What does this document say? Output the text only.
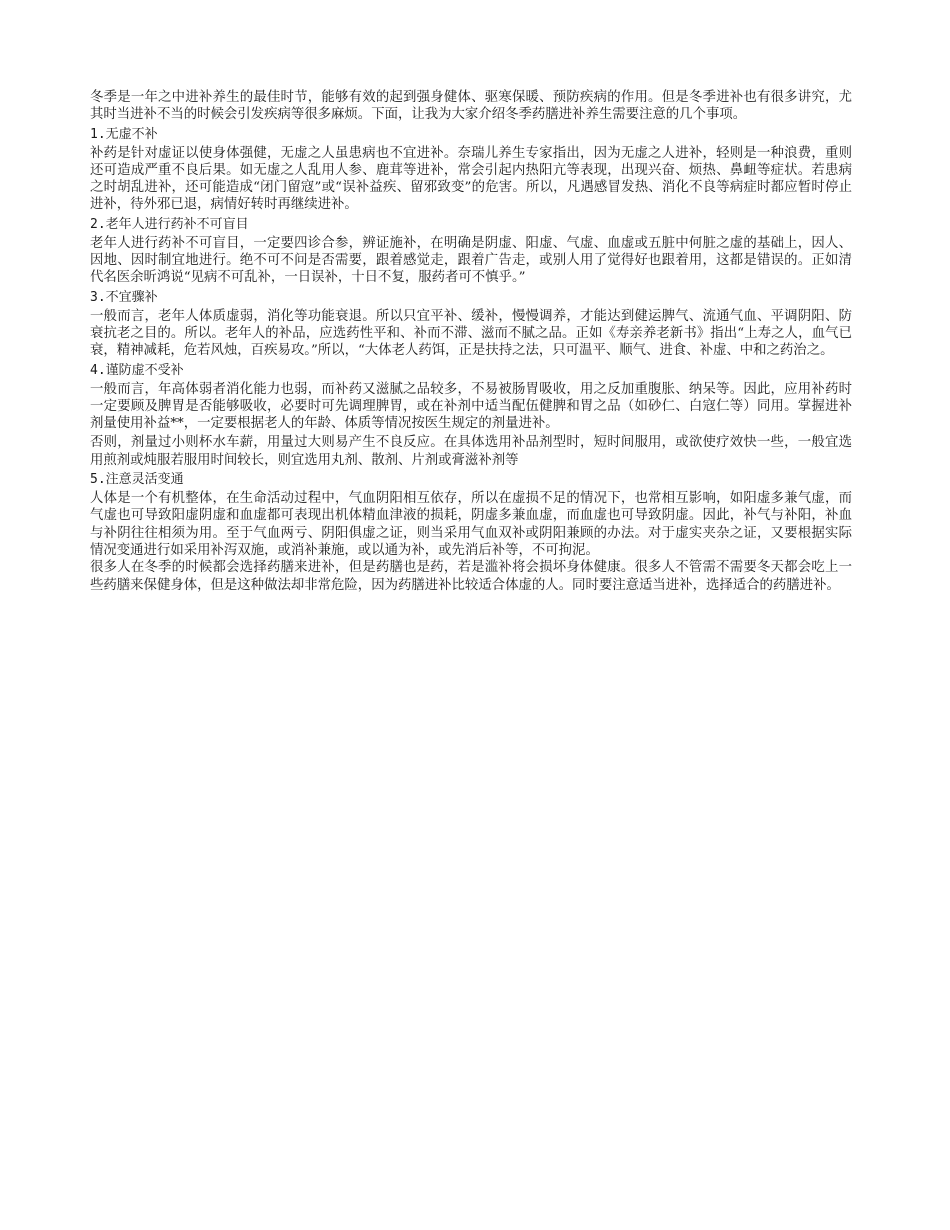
冬季是一年之中进补养生的最佳时节，能够有效的起到强身健体、驱寒保暖、预防疾病的作用。但是冬季进补也有很多讲究，尤其时当进补不当的时候会引发疾病等很多麻烦。下面，让我为大家介绍冬季药膳进补养生需要注意的几个事项。

1.无虚不补

补药是针对虚证以使身体强健，无虚之人虽患病也不宜进补。奈瑞儿养生专家指出，因为无虚之人进补，轻则是一种浪费，重则还可造成严重不良后果。如无虚之人乱用人参、鹿茸等进补，常会引起内热阳亢等表现，出现兴奋、烦热、鼻衄等症状。若患病之时胡乱进补，还可能造成“闭门留寇”或“误补益疾、留邪致变”的危害。所以，凡遇感冒发热、消化不良等病症时都应暂时停止进补，待外邪已退，病情好转时再继续进补。

2.老年人进行药补不可盲目

老年人进行药补不可盲目，一定要四诊合参，辨证施补，在明确是阴虚、阳虚、气虚、血虚或五脏中何脏之虚的基础上，因人、因地、因时制宜地进行。绝不可不问是否需要，跟着感觉走，跟着广告走，或别人用了觉得好也跟着用，这都是错误的。正如清代名医余昕鸿说“见病不可乱补，一日误补，十日不复，服药者可不慎乎。”

3.不宜骤补

一般而言，老年人体质虚弱，消化等功能衰退。所以只宜平补、缓补，慢慢调养，才能达到健运脾气、流通气血、平调阴阳、防衰抗老之目的。所以。老年人的补品，应选药性平和、补而不滞、滋而不腻之品。正如《寿亲养老新书》指出“上寿之人，血气已衰，精神减耗，危若风烛，百疾易攻。”所以，“大体老人药饵，正是扶持之法，只可温平、顺气、进食、补虚、中和之药治之。

4.谨防虚不受补

一般而言，年高体弱者消化能力也弱，而补药又滋腻之品较多，不易被肠胃吸收，用之反加重腹胀、纳呆等。因此，应用补药时一定要顾及脾胃是否能够吸收，必要时可先调理脾胃，或在补剂中适当配伍健脾和胃之品（如砂仁、白寇仁等）同用。掌握进补剂量使用补益**，一定要根据老人的年龄、体质等情况按医生规定的剂量进补。

否则，剂量过小则杯水车薪，用量过大则易产生不良反应。在具体选用补品剂型时，短时间服用，或欲使疗效快一些，一般宜选用煎剂或炖服若服用时间较长，则宜选用丸剂、散剂、片剂或膏滋补剂等

5.注意灵活变通

人体是一个有机整体，在生命活动过程中，气血阴阳相互依存，所以在虚损不足的情况下，也常相互影响，如阳虚多兼气虚，而气虚也可导致阳虚阴虚和血虚都可表现出机体精血津液的损耗，阴虚多兼血虚，而血虚也可导致阴虚。因此，补气与补阳，补血与补阴往往相须为用。至于气血两亏、阴阳俱虚之证，则当采用气血双补或阴阳兼顾的办法。对于虚实夹杂之证，又要根据实际情况变通进行如采用补泻双施，或消补兼施，或以通为补，或先消后补等，不可拘泥。

很多人在冬季的时候都会选择药膳来进补，但是药膳也是药，若是滥补将会损坏身体健康。很多人不管需不需要冬天都会吃上一些药膳来保健身体，但是这种做法却非常危险，因为药膳进补比较适合体虚的人。同时要注意适当进补，选择适合的药膳进补。
